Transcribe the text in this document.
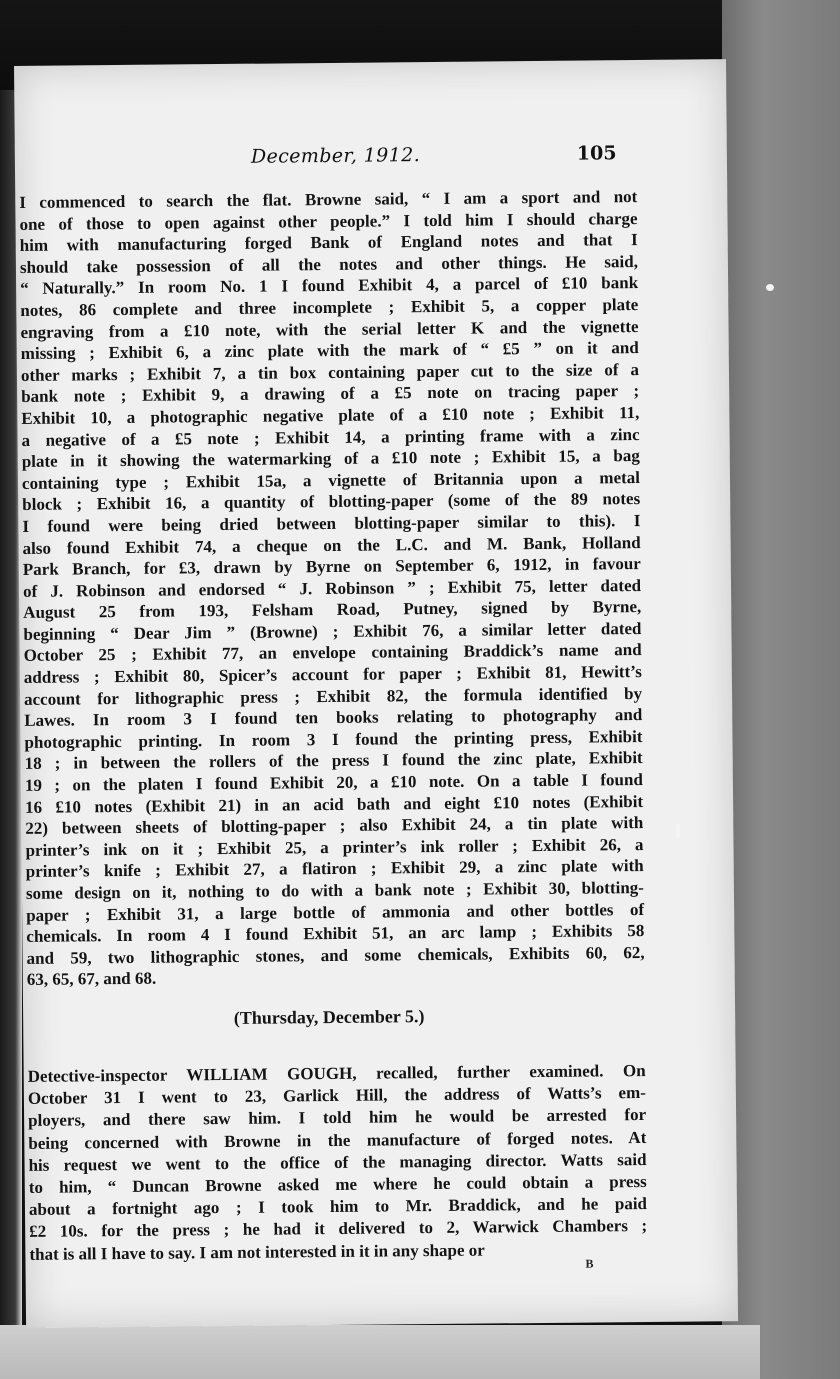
December, 1912.	105
I commenced to search the flat. Browne said, “ I am a sport and not
one of those to open against other people.” I told him I should charge
him with manufacturing forged Bank of England notes and that I
should take possession of all the notes and other things. He said,
“ Naturally.” In room No. 1 I found Exhibit 4, a parcel of £10 bank
notes, 86 complete and three incomplete ; Exhibit 5, a copper plate
engraving from a £10 note, with the serial letter K and the vignette
missing ; Exhibit 6, a zinc plate with the mark of “ £5 ” on it and
other marks ; Exhibit 7, a tin box containing paper cut to the size of a
bank note ; Exhibit 9, a drawing of a £5 note on tracing paper ;
Exhibit 10, a photographic negative plate of a £10 note ; Exhibit 11,
a negative of a £5 note ; Exhibit 14, a printing frame with a zinc
plate in it showing the watermarking of a £10 note ; Exhibit 15, a bag
containing type ; Exhibit 15a, a vignette of Britannia upon a metal
block ; Exhibit 16, a quantity of blotting-paper (some of the 89 notes
I found were being dried between blotting-paper similar to this). I
also found Exhibit 74, a cheque on the L.C. and M. Bank, Holland
Park Branch, for £3, drawn by Byrne on September 6, 1912, in favour
of J. Robinson and endorsed “ J. Robinson ” ; Exhibit 75, letter dated
August 25 from 193, Felsham Road, Putney, signed by Byrne,
beginning “ Dear Jim ” (Browne) ; Exhibit 76, a similar letter dated
October 25 ; Exhibit 77, an envelope containing Braddick’s name and
address ; Exhibit 80, Spicer’s account for paper ; Exhibit 81, Hewitt’s
account for lithographic press ; Exhibit 82, the formula identified by
Lawes. In room 3 I found ten books relating to photography and
photographic printing. In room 3 I found the printing press, Exhibit
18 ; in between the rollers of the press I found the zinc plate, Exhibit
19 ; on the platen I found Exhibit 20, a £10 note. On a table I found
16 £10 notes (Exhibit 21) in an acid bath and eight £10 notes (Exhibit
22) between sheets of blotting-paper ; also Exhibit 24, a tin plate with
printer’s ink on it ; Exhibit 25, a printer’s ink roller ; Exhibit 26, a
printer’s knife ; Exhibit 27, a flatiron ; Exhibit 29, a zinc plate with
some design on it, nothing to do with a bank note ; Exhibit 30, blotting-
paper ; Exhibit 31, a large bottle of ammonia and other bottles of
chemicals. In room 4 I found Exhibit 51, an arc lamp ; Exhibits 58
and 59, two lithographic stones, and some chemicals, Exhibits 60, 62,
63, 65, 67, and 68.
(Thursday, December 5.)
Detective-inspector WILLIAM GOUGH, recalled, further examined. On
October 31 I went to 23, Garlick Hill, the address of Watts’s em-
ployers, and there saw him. I told him he would be arrested for
being concerned with Browne in the manufacture of forged notes. At
his request we went to the office of the managing director. Watts said
to him, “ Duncan Browne asked me where he could obtain a press
about a fortnight ago ; I took him to Mr. Braddick, and he paid
£2 10s. for the press ; he had it delivered to 2, Warwick Chambers ;
that is all I have to say. I am not interested in it in any shape or	B
